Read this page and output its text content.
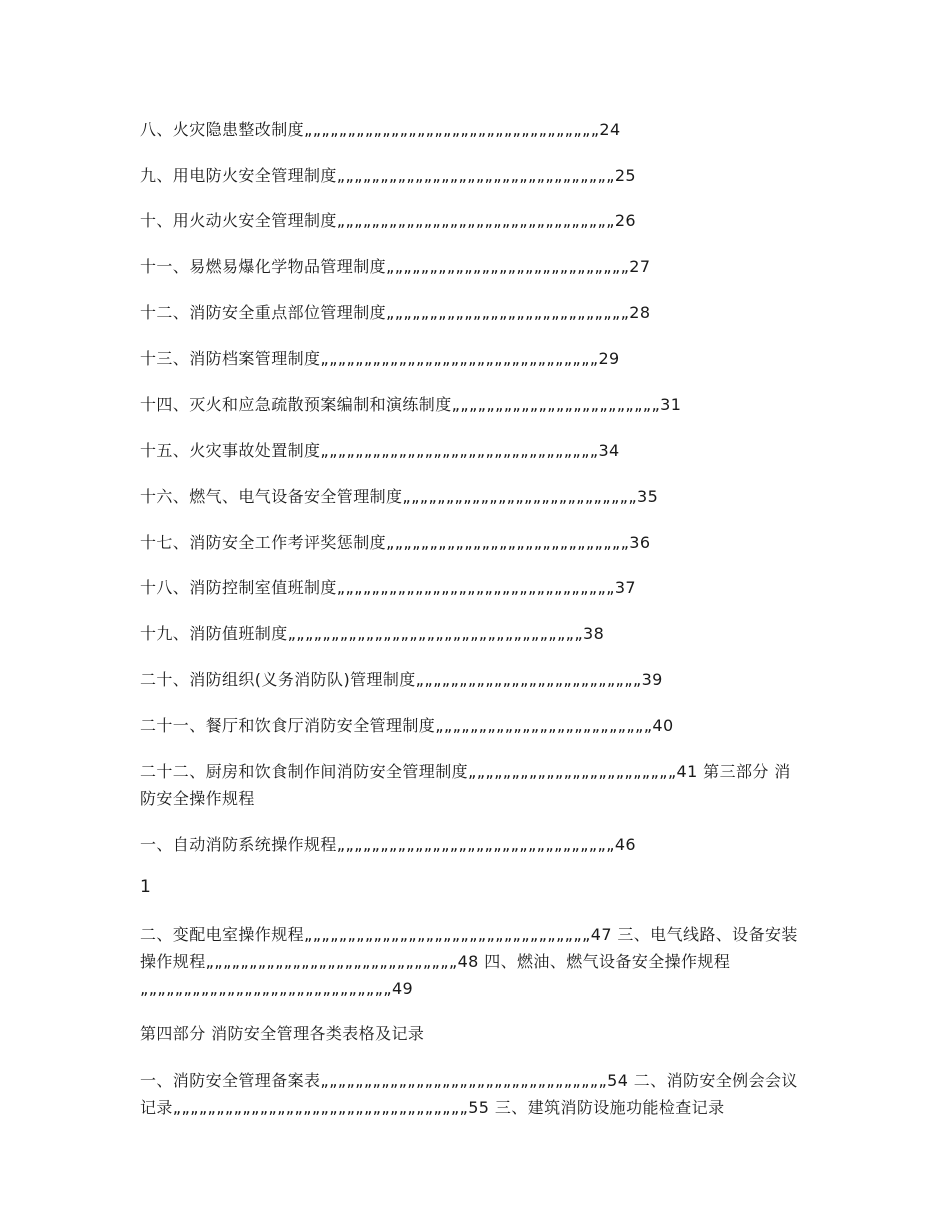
八、火灾隐患整改制度„„„„„„„„„„„„„„„„„„„„„„„„„„„„„„„„„„24
九、用电防火安全管理制度„„„„„„„„„„„„„„„„„„„„„„„„„„„„„„„„25
十、用火动火安全管理制度„„„„„„„„„„„„„„„„„„„„„„„„„„„„„„„„26
十一、易燃易爆化学物品管理制度„„„„„„„„„„„„„„„„„„„„„„„„„„„„27
十二、消防安全重点部位管理制度„„„„„„„„„„„„„„„„„„„„„„„„„„„„28
十三、消防档案管理制度„„„„„„„„„„„„„„„„„„„„„„„„„„„„„„„„29
十四、灭火和应急疏散预案编制和演练制度„„„„„„„„„„„„„„„„„„„„„„„„31
十五、火灾事故处置制度„„„„„„„„„„„„„„„„„„„„„„„„„„„„„„„„34
十六、燃气、电气设备安全管理制度„„„„„„„„„„„„„„„„„„„„„„„„„„„35
十七、消防安全工作考评奖惩制度„„„„„„„„„„„„„„„„„„„„„„„„„„„„36
十八、消防控制室值班制度„„„„„„„„„„„„„„„„„„„„„„„„„„„„„„„„37
十九、消防值班制度„„„„„„„„„„„„„„„„„„„„„„„„„„„„„„„„„„38
二十、消防组织(义务消防队)管理制度„„„„„„„„„„„„„„„„„„„„„„„„„„39
二十一、餐厅和饮食厅消防安全管理制度„„„„„„„„„„„„„„„„„„„„„„„„„40
二十二、厨房和饮食制作间消防安全管理制度„„„„„„„„„„„„„„„„„„„„„„„„41 第三部分 消防安全操作规程
一、自动消防系统操作规程„„„„„„„„„„„„„„„„„„„„„„„„„„„„„„„„46
1
二、变配电室操作规程„„„„„„„„„„„„„„„„„„„„„„„„„„„„„„„„„47 三、电气线路、设备安装操作规程„„„„„„„„„„„„„„„„„„„„„„„„„„„„„48 四、燃油、燃气设备安全操作规程„„„„„„„„„„„„„„„„„„„„„„„„„„„„„49
第四部分 消防安全管理各类表格及记录
一、消防安全管理备案表„„„„„„„„„„„„„„„„„„„„„„„„„„„„„„„„„54 二、消防安全例会会议记录„„„„„„„„„„„„„„„„„„„„„„„„„„„„„„„„„„55 三、建筑消防设施功能检查记录
